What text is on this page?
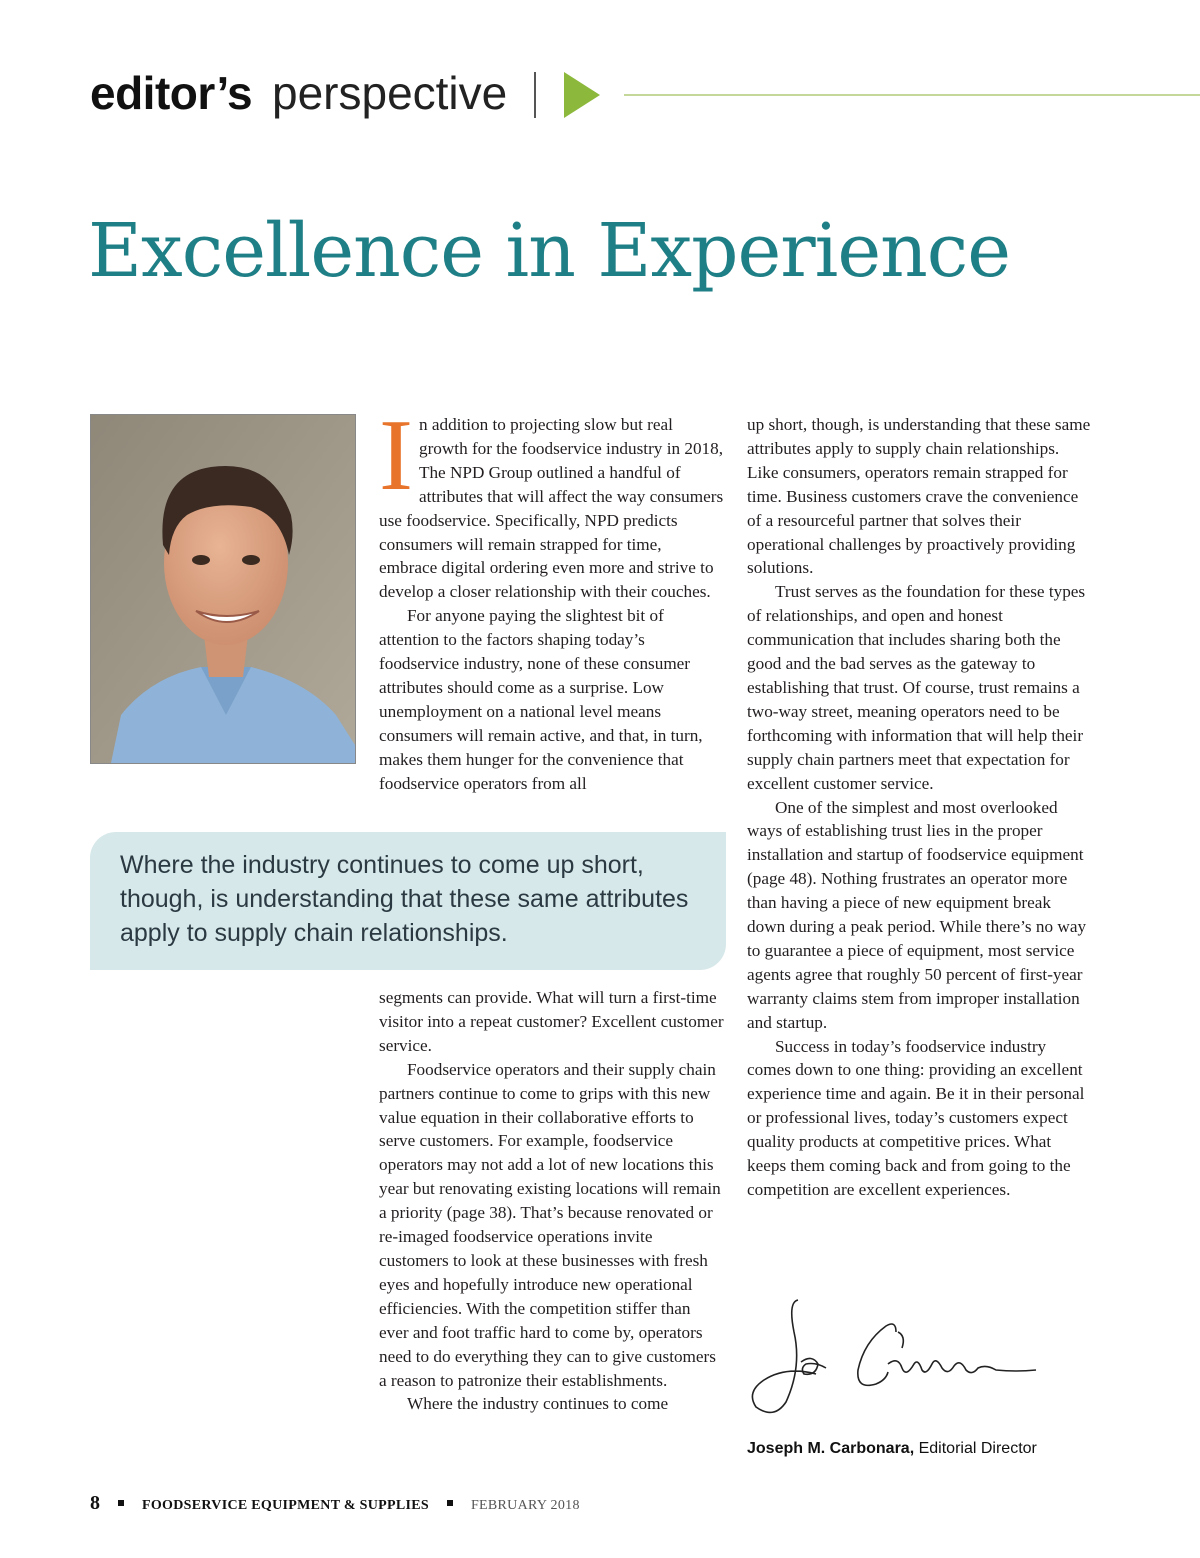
editor’s perspective
Excellence in Experience
I n addition to projecting slow but real growth for the foodservice industry in 2018, The NPD Group outlined a handful of attributes that will affect the way consumers use foodservice. Specifically, NPD predicts consumers will remain strapped for time, embrace digital ordering even more and strive to develop a closer relationship with their couches.

For anyone paying the slightest bit of attention to the factors shaping today’s foodservice industry, none of these consumer attributes should come as a surprise. Low unemployment on a national level means consumers will remain active, and that, in turn, makes them hunger for the convenience that foodservice operators from all

Where the industry continues to come up short, though, is understanding that these same attributes apply to supply chain relationships.

segments can provide. What will turn a first-time visitor into a repeat customer? Excellent customer service.

Foodservice operators and their supply chain partners continue to come to grips with this new value equation in their collaborative efforts to serve customers. For example, foodservice operators may not add a lot of new locations this year but renovating existing locations will remain a priority (page 38). That’s because renovated or re-imaged foodservice operations invite customers to look at these businesses with fresh eyes and hopefully introduce new operational efficiencies. With the competition stiffer than ever and foot traffic hard to come by, operators need to do everything they can to give customers a reason to patronize their establishments.

Where the industry continues to come

up short, though, is understanding that these same attributes apply to supply chain relationships. Like consumers, operators remain strapped for time. Business customers crave the convenience of a resourceful partner that solves their operational challenges by proactively providing solutions.

Trust serves as the foundation for these types of relationships, and open and honest communication that includes sharing both the good and the bad serves as the gateway to establishing that trust. Of course, trust remains a two-way street, meaning operators need to be forthcoming with information that will help their supply chain partners meet that expectation for excellent customer service.

One of the simplest and most overlooked ways of establishing trust lies in the proper installation and startup of foodservice equipment (page 48). Nothing frustrates an operator more than having a piece of new equipment break down during a peak period. While there’s no way to guarantee a piece of equipment, most service agents agree that roughly 50 percent of first-year warranty claims stem from improper installation and startup.

Success in today’s foodservice industry comes down to one thing: providing an excellent experience time and again. Be it in their personal or professional lives, today’s customers expect quality products at competitive prices. What keeps them coming back and from going to the competition are excellent experiences.

Joseph M. Carbonara, Editorial Director
8	FOODSERVICE EQUIPMENT & SUPPLIES	FEBRUARY 2018
